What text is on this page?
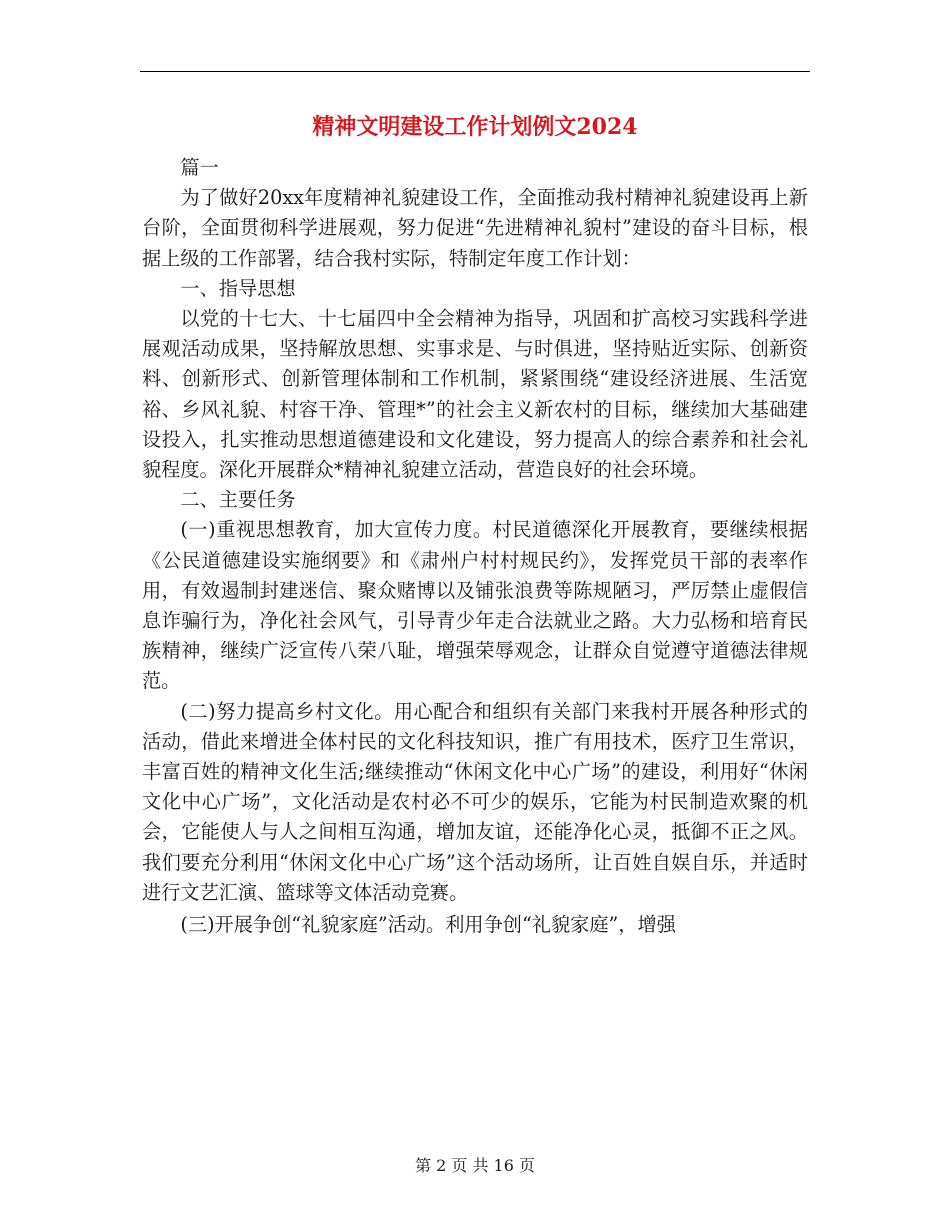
精神文明建设工作计划例文2024

篇一

为了做好20xx年度精神礼貌建设工作，全面推动我村精神礼貌建设再上新台阶，全面贯彻科学进展观，努力促进“先进精神礼貌村”建设的奋斗目标，根据上级的工作部署，结合我村实际，特制定年度工作计划：

一、指导思想

以党的十七大、十七届四中全会精神为指导，巩固和扩高校习实践科学进展观活动成果，坚持解放思想、实事求是、与时俱进，坚持贴近实际、创新资料、创新形式、创新管理体制和工作机制，紧紧围绕“建设经济进展、生活宽裕、乡风礼貌、村容干净、管理*”的社会主义新农村的目标，继续加大基础建设投入，扎实推动思想道德建设和文化建设，努力提高人的综合素养和社会礼貌程度。深化开展群众*精神礼貌建立活动，营造良好的社会环境。

二、主要任务

(一)重视思想教育，加大宣传力度。村民道德深化开展教育，要继续根据《公民道德建设实施纲要》和《肃州户村村规民约》，发挥党员干部的表率作用，有效遏制封建迷信、聚众赌博以及铺张浪费等陈规陋习，严厉禁止虚假信息诈骗行为，净化社会风气，引导青少年走合法就业之路。大力弘杨和培育民族精神，继续广泛宣传八荣八耻，增强荣辱观念，让群众自觉遵守道德法律规范。

(二)努力提高乡村文化。用心配合和组织有关部门来我村开展各种形式的活动，借此来增进全体村民的文化科技知识，推广有用技术，医疗卫生常识，丰富百姓的精神文化生活;继续推动“休闲文化中心广场”的建设，利用好“休闲文化中心广场”，文化活动是农村必不可少的娱乐，它能为村民制造欢聚的机会，它能使人与人之间相互沟通，增加友谊，还能净化心灵，抵御不正之风。我们要充分利用“休闲文化中心广场”这个活动场所，让百姓自娱自乐，并适时进行文艺汇演、篮球等文体活动竞赛。

(三)开展争创“礼貌家庭”活动。利用争创“礼貌家庭”，增强

第 2 页 共 16 页
